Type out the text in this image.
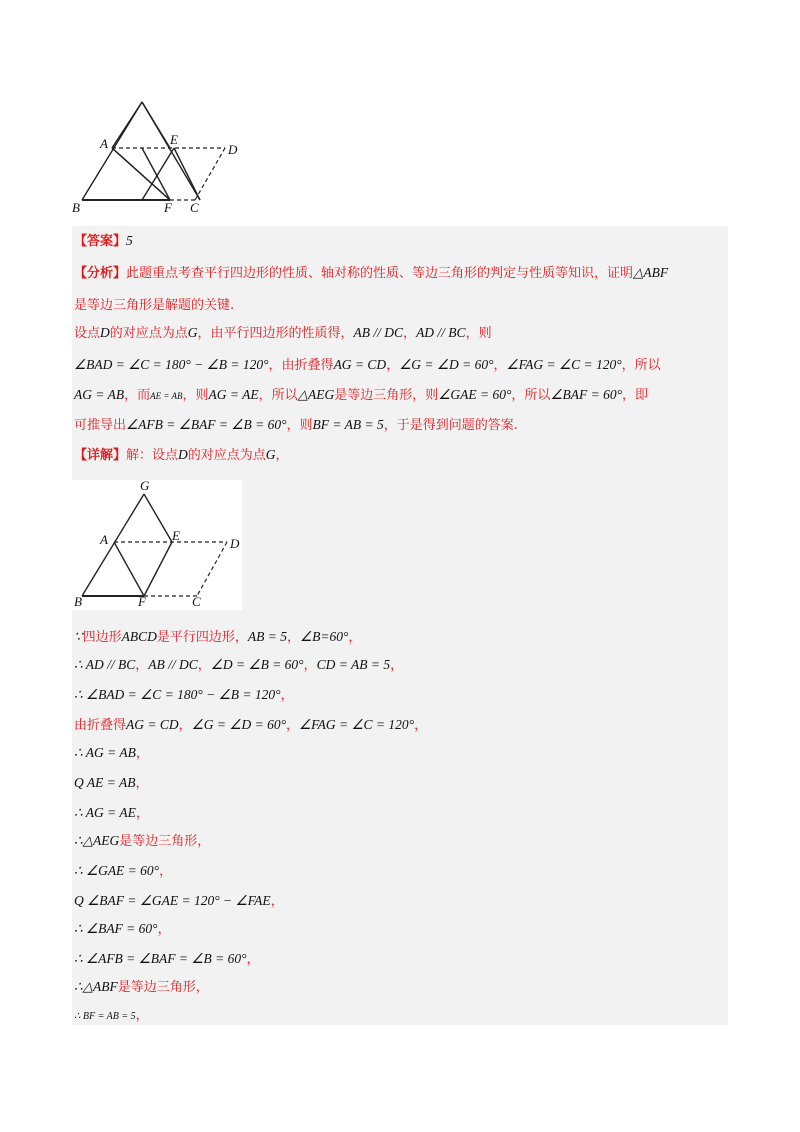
A	E
D
B	F C
【答案】5
【分析】此题重点考查平行四边形的性质、轴对称的性质、等边三角形的判定与性质等知识，证明△ABF
是等边三角形是解题的关键.
设点D的对应点为点G，由平行四边形的性质得，AB // DC，AD // BC，则
∠BAD = ∠C = 180° − ∠B = 120°，由折叠得AG = CD，∠G = ∠D = 60°，∠FAG = ∠C = 120°，所以
AG = AB，而AE = AB，则AG = AE，所以△AEG是等边三角形，则∠GAE = 60°，所以∠BAF = 60°，即
可推导出∠AFB = ∠BAF = ∠B = 60°，则BF = AB = 5，于是得到问题的答案.
【详解】解：设点D的对应点为点G，
G
A	E
D
B	F	C
∵四边形ABCD是平行四边形，AB = 5，∠B=60°，
∴ AD // BC，AB // DC，∠D = ∠B = 60°，CD = AB = 5，
∴ ∠BAD = ∠C = 180° − ∠B = 120°，
由折叠得AG = CD，∠G = ∠D = 60°，∠FAG = ∠C = 120°，
∴ AG = AB，
Q AE = AB，
∴ AG = AE，
∴△AEG是等边三角形，
∴ ∠GAE = 60°，
Q ∠BAF = ∠GAE = 120° − ∠FAE，
∴ ∠BAF = 60°，
∴ ∠AFB = ∠BAF = ∠B = 60°，
∴△ABF是等边三角形，
∴ BF = AB = 5，
